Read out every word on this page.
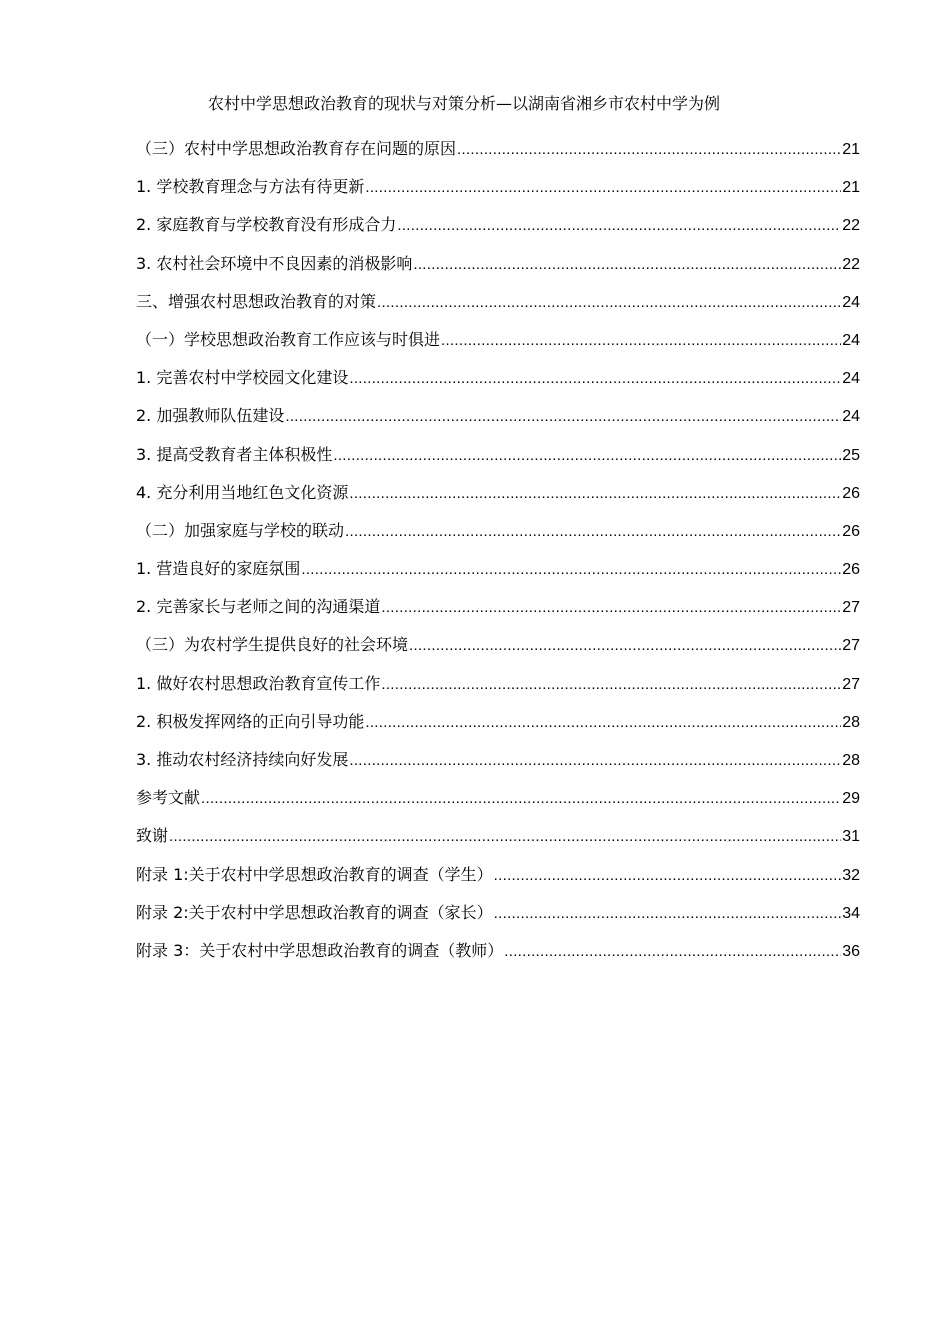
农村中学思想政治教育的现状与对策分析—以湖南省湘乡市农村中学为例
（三） 农村中学思想政治教育存在问题的原因 .....	21
1. 学校教育理念与方法有待更新 .....	21
2. 家庭教育与学校教育没有形成合力 .....	22
3. 农村社会环境中不良因素的消极影响 .....	22
三、增强农村思想政治教育的对策 .....	24
（一） 学校思想政治教育工作应该与时俱进 .....	24
1. 完善农村中学校园文化建设 .....	24
2. 加强教师队伍建设 .....	24
3. 提高受教育者主体积极性 .....	25
4. 充分利用当地红色文化资源 .....	26
（二） 加强家庭与学校的联动 .....	26
1. 营造良好的家庭氛围 .....	26
2. 完善家长与老师之间的沟通渠道 .....	27
（三） 为农村学生提供良好的社会环境 .....	27
1. 做好农村思想政治教育宣传工作 .....	27
2. 积极发挥网络的正向引导功能 .....	28
3. 推动农村经济持续向好发展 .....	28
参考文献 .....	29
致谢 .....	31
附录 1:关于农村中学思想政治教育的调查（学生） .....	32
附录 2:关于农村中学思想政治教育的调查（家长） .....	34
附录 3：关于农村中学思想政治教育的调查（教师） .....	36
